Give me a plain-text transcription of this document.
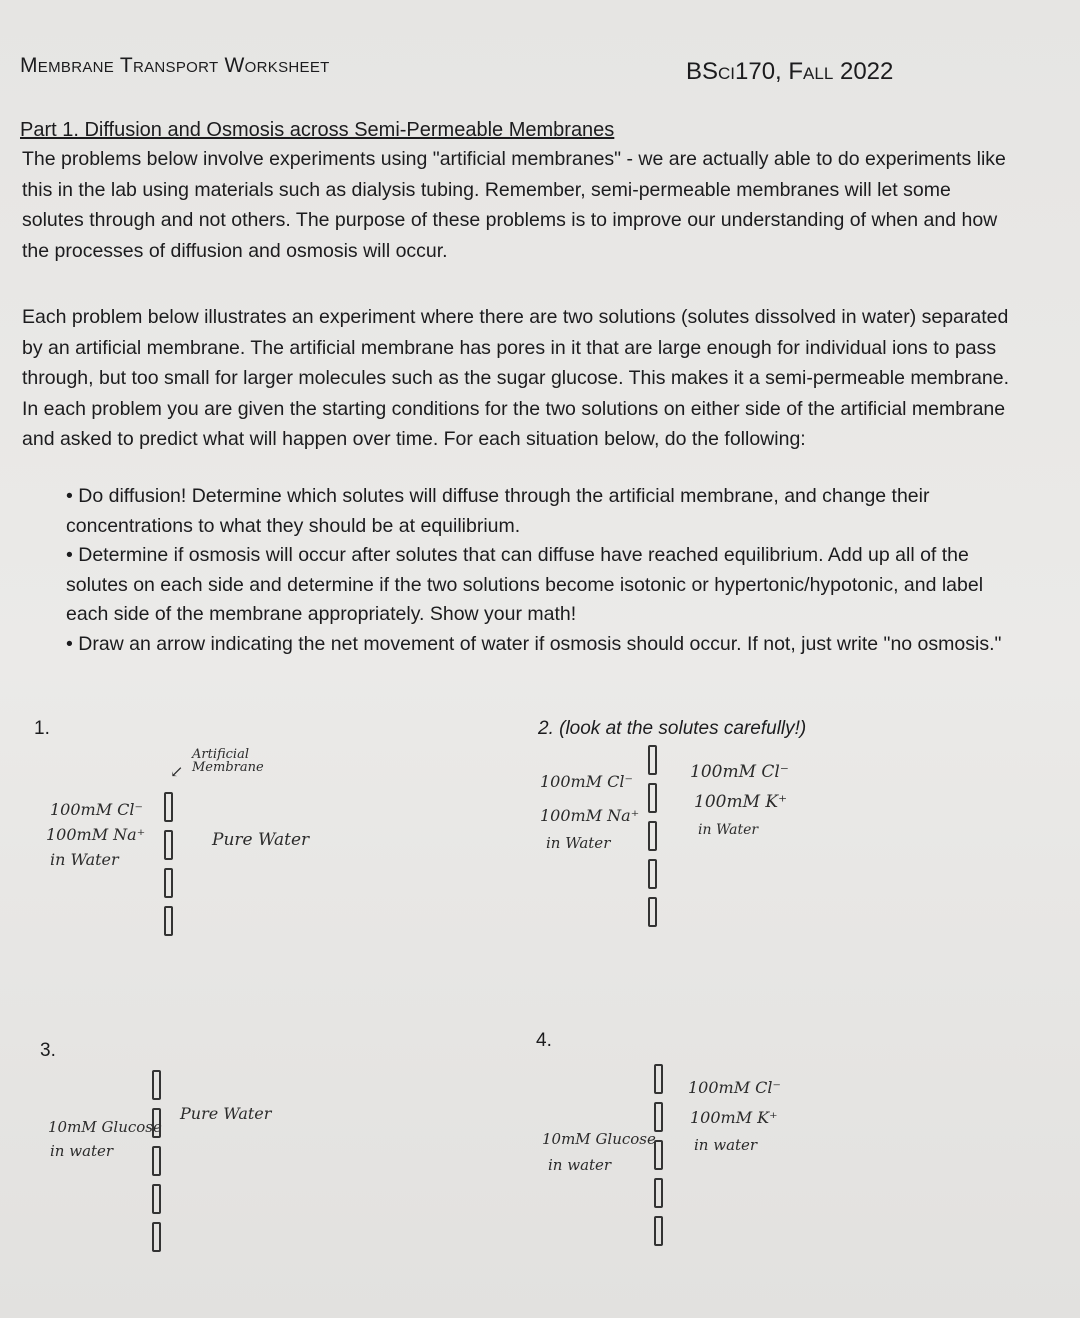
Membrane Transport Worksheet	BSci170, Fall 2022
Part 1. Diffusion and Osmosis across Semi-Permeable Membranes
The problems below involve experiments using "artificial membranes" - we are actually able to do experiments like this in the lab using materials such as dialysis tubing. Remember, semi-permeable membranes will let some solutes through and not others. The purpose of these problems is to improve our understanding of when and how the processes of diffusion and osmosis will occur.
Each problem below illustrates an experiment where there are two solutions (solutes dissolved in water) separated by an artificial membrane. The artificial membrane has pores in it that are large enough for individual ions to pass through, but too small for larger molecules such as the sugar glucose. This makes it a semi-permeable membrane. In each problem you are given the starting conditions for the two solutions on either side of the artificial membrane and asked to predict what will happen over time. For each situation below, do the following:

• Do diffusion! Determine which solutes will diffuse through the artificial membrane, and change their concentrations to what they should be at equilibrium.

• Determine if osmosis will occur after solutes that can diffuse have reached equilibrium. Add up all of the solutes on each side and determine if the two solutions become isotonic or hypertonic/hypotonic, and label each side of the membrane appropriately. Show your math!

• Draw an arrow indicating the net movement of water if osmosis should occur. If not, just write "no osmosis."

1.
Artificial Membrane
↙
100mM Cl⁻
100mM Na⁺
in Water
Pure Water
2. (look at the solutes carefully!)
100mM Cl⁻
100mM Na⁺
in Water
100mM Cl⁻
100mM K⁺
in Water
3.
10mM Glucose
in water
Pure Water
4.
10mM Glucose
in water
100mM Cl⁻
100mM K⁺
in water
